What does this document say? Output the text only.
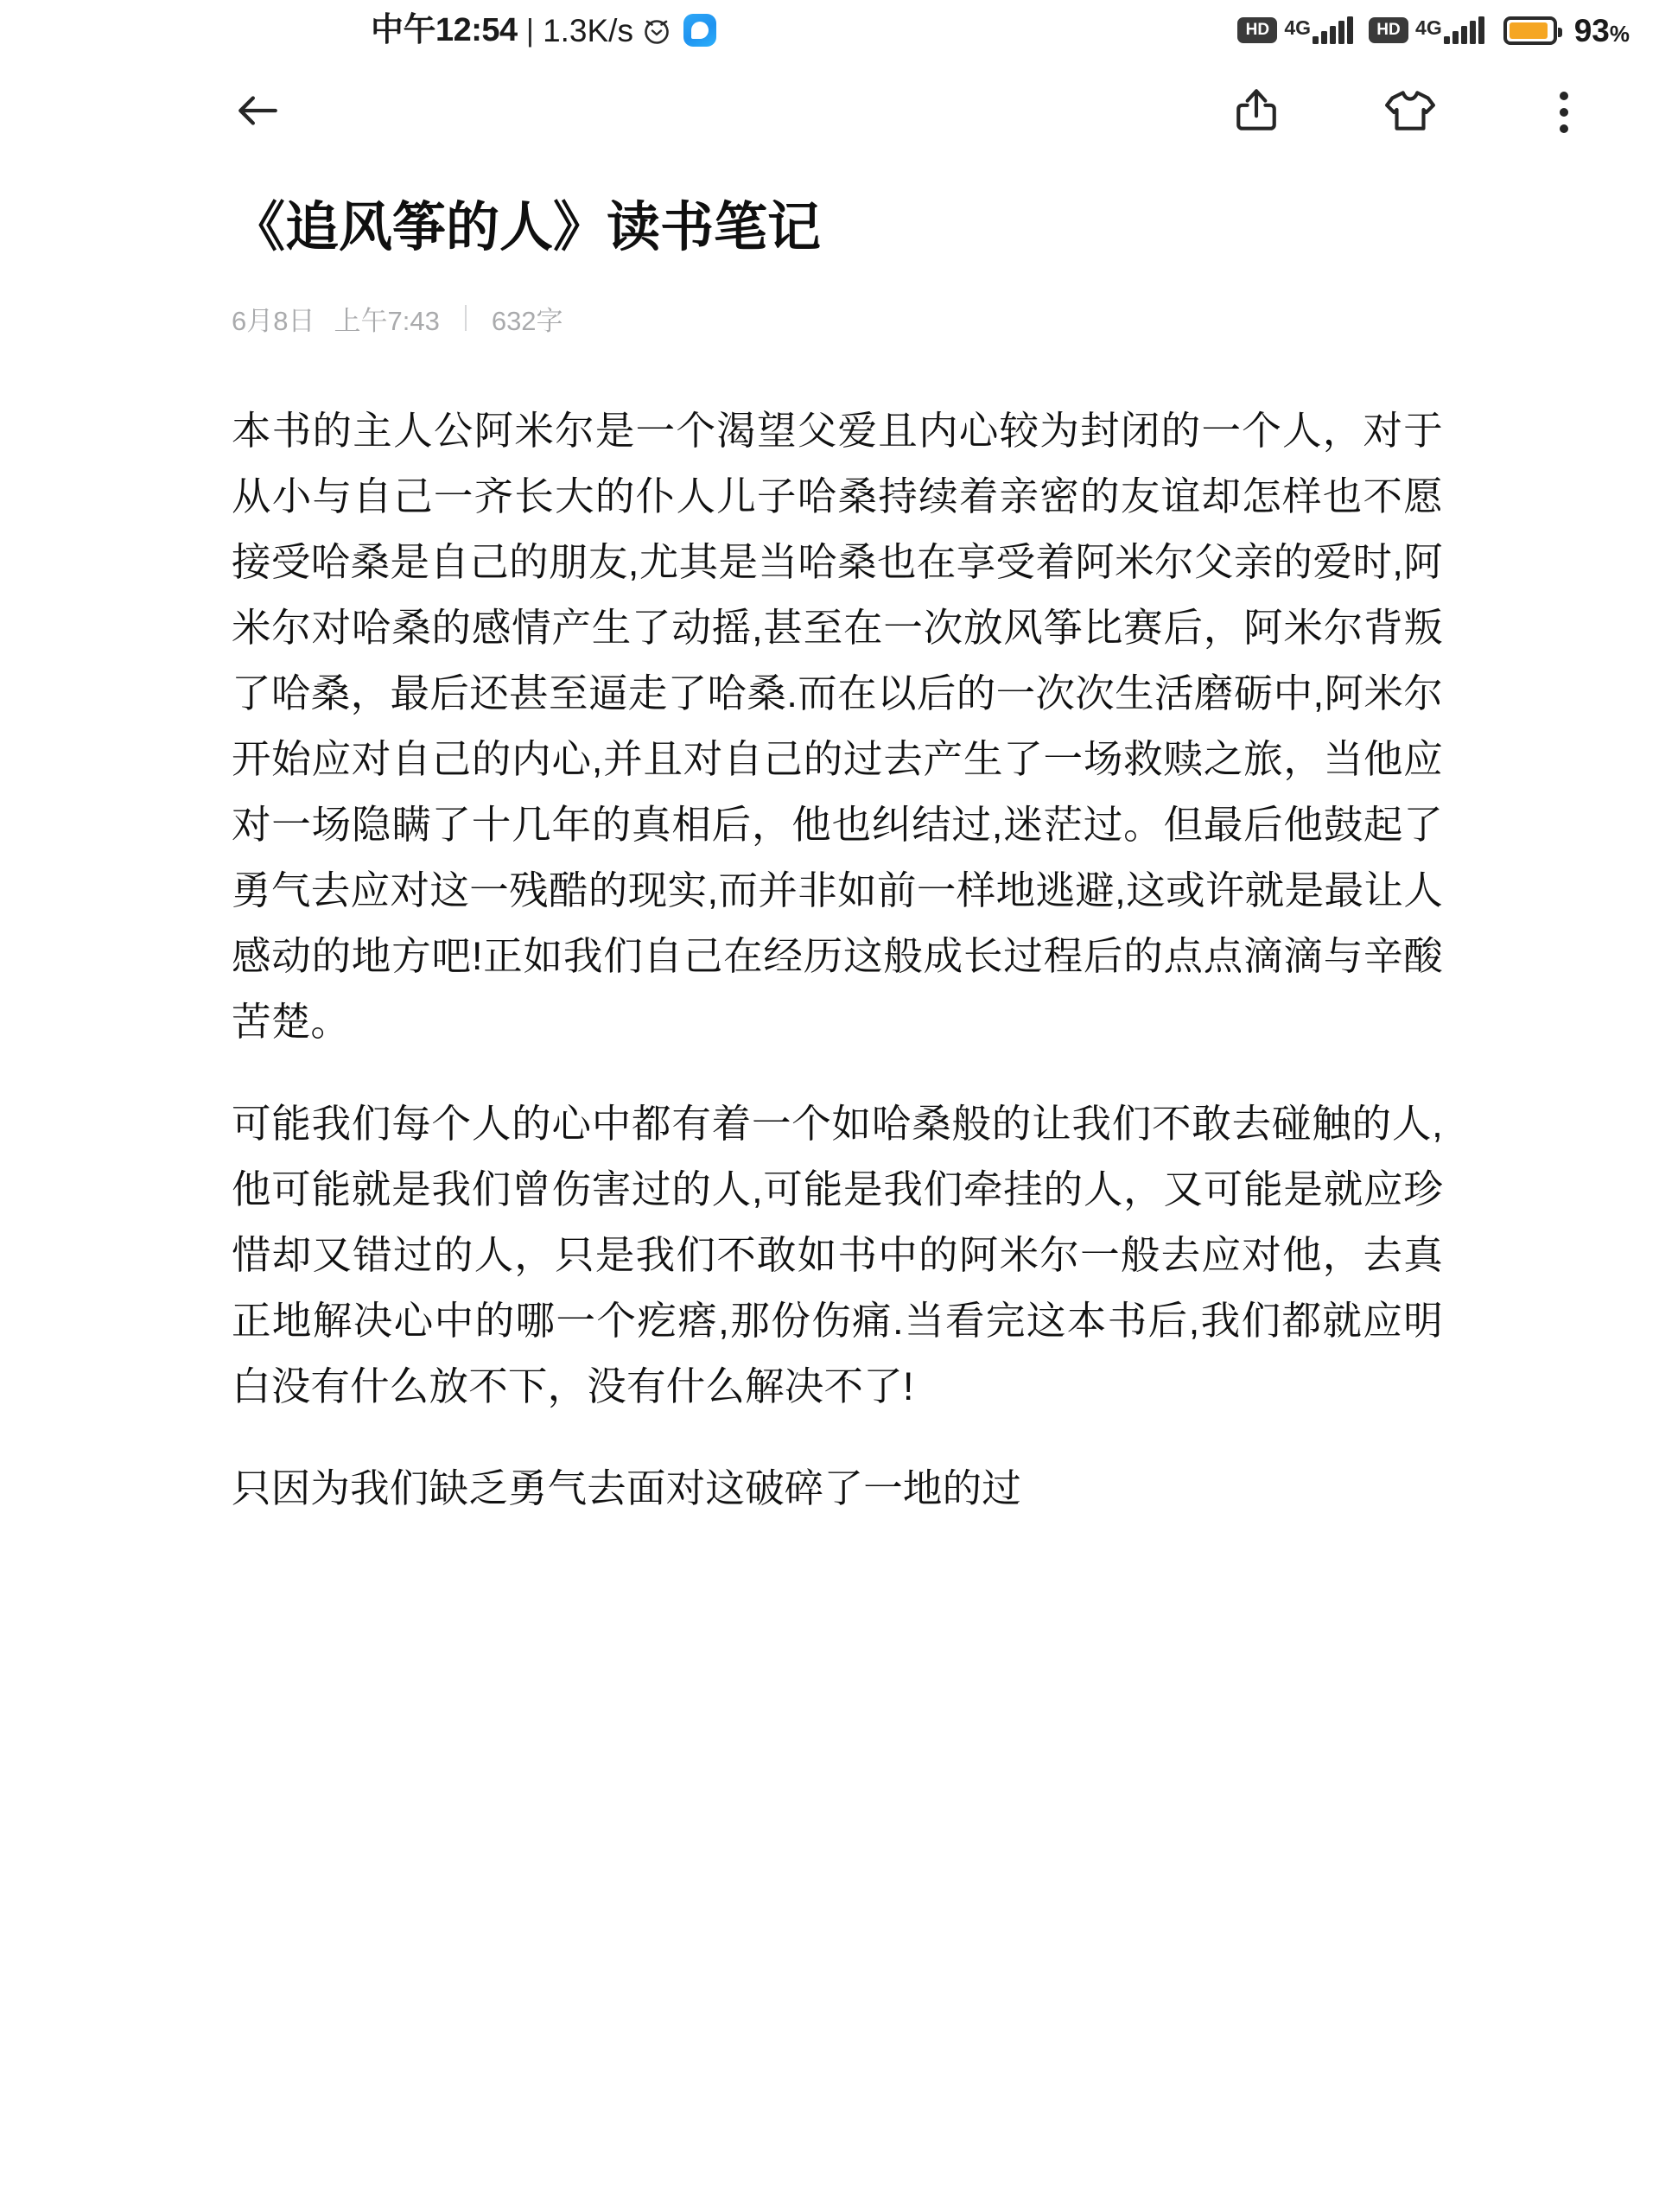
中午12:54 | 1.3K/s	HD 4G	HD 4G	93%
《追风筝的人》读书笔记
6月8日 上午7:43 632字
本书的主人公阿米尔是一个渴望父爱且内心较为封闭的一个人，对于从小与自己一齐长大的仆人儿子哈桑持续着亲密的友谊却怎样也不愿接受哈桑是自己的朋友,尤其是当哈桑也在享受着阿米尔父亲的爱时,阿米尔对哈桑的感情产生了动摇,甚至在一次放风筝比赛后，阿米尔背叛了哈桑，最后还甚至逼走了哈桑.而在以后的一次次生活磨砺中,阿米尔开始应对自己的内心,并且对自己的过去产生了一场救赎之旅，当他应对一场隐瞒了十几年的真相后，他也纠结过,迷茫过。但最后他鼓起了勇气去应对这一残酷的现实,而并非如前一样地逃避,这或许就是最让人感动的地方吧!正如我们自己在经历这般成长过程后的点点滴滴与辛酸苦楚。
可能我们每个人的心中都有着一个如哈桑般的让我们不敢去碰触的人,他可能就是我们曾伤害过的人,可能是我们牵挂的人，又可能是就应珍惜却又错过的人，只是我们不敢如书中的阿米尔一般去应对他，去真正地解决心中的哪一个疙瘩,那份伤痛.当看完这本书后,我们都就应明白没有什么放不下，没有什么解决不了!
只因为我们缺乏勇气去面对这破碎了一地的过
